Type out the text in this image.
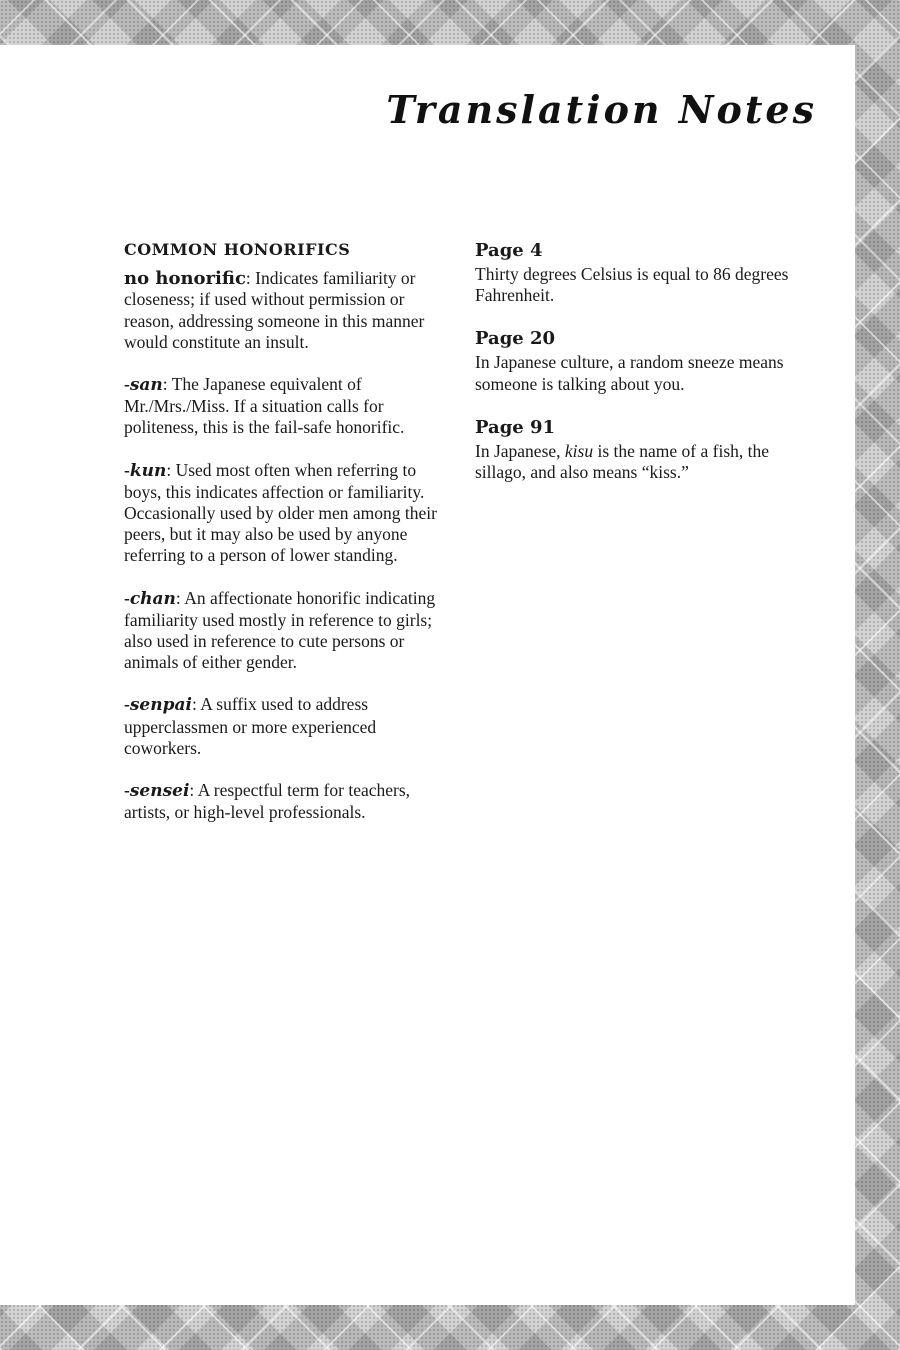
Translation Notes
COMMON HONORIFICS

no honorific: Indicates familiarity or closeness; if used without permission or reason, addressing someone in this manner would constitute an insult.

-san: The Japanese equivalent of Mr./Mrs./Miss. If a situation calls for politeness, this is the fail-safe honorific.

-kun: Used most often when referring to boys, this indicates affection or familiarity. Occasionally used by older men among their peers, but it may also be used by anyone referring to a person of lower standing.

-chan: An affectionate honorific indicating familiarity used mostly in reference to girls; also used in reference to cute persons or animals of either gender.

-senpai: A suffix used to address upperclassmen or more experienced coworkers.

-sensei: A respectful term for teachers, artists, or high-level professionals.

Page 4

Thirty degrees Celsius is equal to 86 degrees Fahrenheit.

Page 20

In Japanese culture, a random sneeze means someone is talking about you.

Page 91

In Japanese, kisu is the name of a fish, the sillago, and also means “kiss.”
